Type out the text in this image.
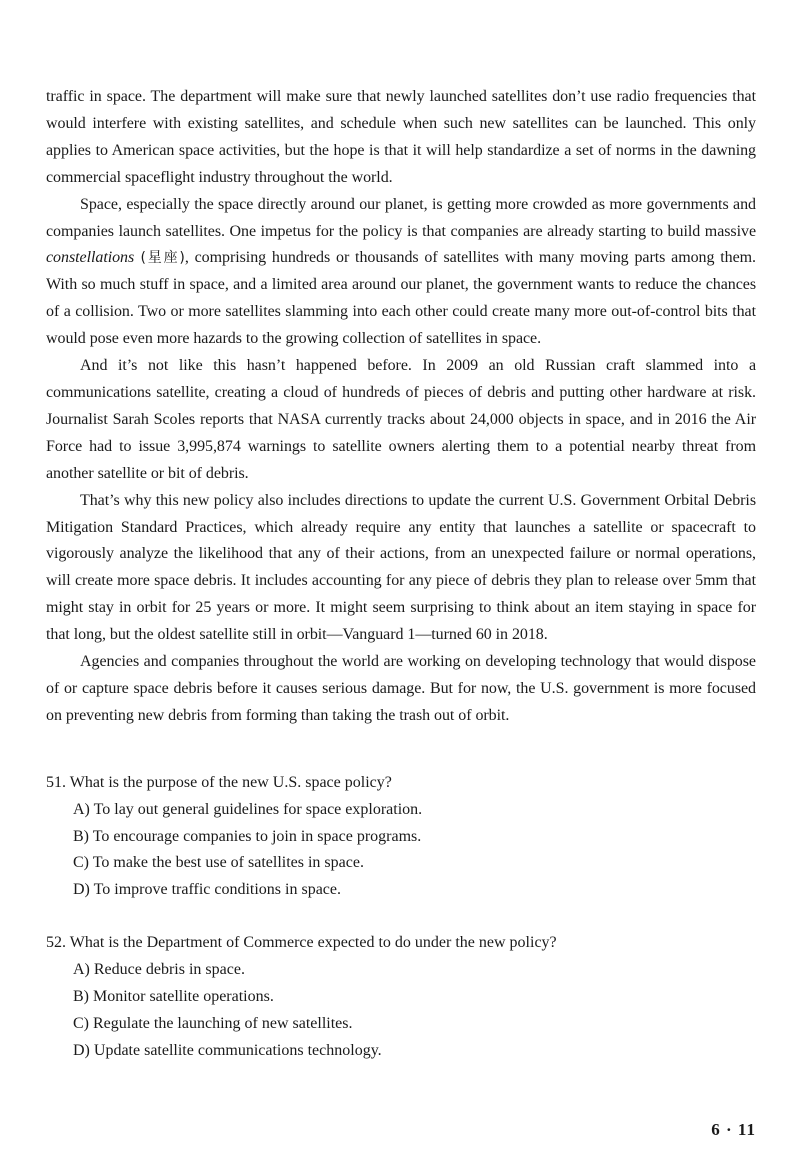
traffic in space. The department will make sure that newly launched satellites don’t use radio frequencies that would interfere with existing satellites, and schedule when such new satellites can be launched. This only applies to American space activities, but the hope is that it will help standardize a set of norms in the dawning commercial spaceflight industry throughout the world.

Space, especially the space directly around our planet, is getting more crowded as more governments and companies launch satellites. One impetus for the policy is that companies are already starting to build massive constellations (星座), comprising hundreds or thousands of satellites with many moving parts among them. With so much stuff in space, and a limited area around our planet, the government wants to reduce the chances of a collision. Two or more satellites slamming into each other could create many more out-of-control bits that would pose even more hazards to the growing collection of satellites in space.

And it’s not like this hasn’t happened before. In 2009 an old Russian craft slammed into a communications satellite, creating a cloud of hundreds of pieces of debris and putting other hardware at risk. Journalist Sarah Scoles reports that NASA currently tracks about 24,000 objects in space, and in 2016 the Air Force had to issue 3,995,874 warnings to satellite owners alerting them to a potential nearby threat from another satellite or bit of debris.

That’s why this new policy also includes directions to update the current U.S. Government Orbital Debris Mitigation Standard Practices, which already require any entity that launches a satellite or spacecraft to vigorously analyze the likelihood that any of their actions, from an unexpected failure or normal operations, will create more space debris. It includes accounting for any piece of debris they plan to release over 5mm that might stay in orbit for 25 years or more. It might seem surprising to think about an item staying in space for that long, but the oldest satellite still in orbit—Vanguard 1—turned 60 in 2018.

Agencies and companies throughout the world are working on developing technology that would dispose of or capture space debris before it causes serious damage. But for now, the U.S. government is more focused on preventing new debris from forming than taking the trash out of orbit.

51. What is the purpose of the new U.S. space policy?

A) To lay out general guidelines for space exploration.
B) To encourage companies to join in space programs.
C) To make the best use of satellites in space.
D) To improve traffic conditions in space.

52. What is the Department of Commerce expected to do under the new policy?

A) Reduce debris in space.
B) Monitor satellite operations.
C) Regulate the launching of new satellites.
D) Update satellite communications technology.
6 · 11
